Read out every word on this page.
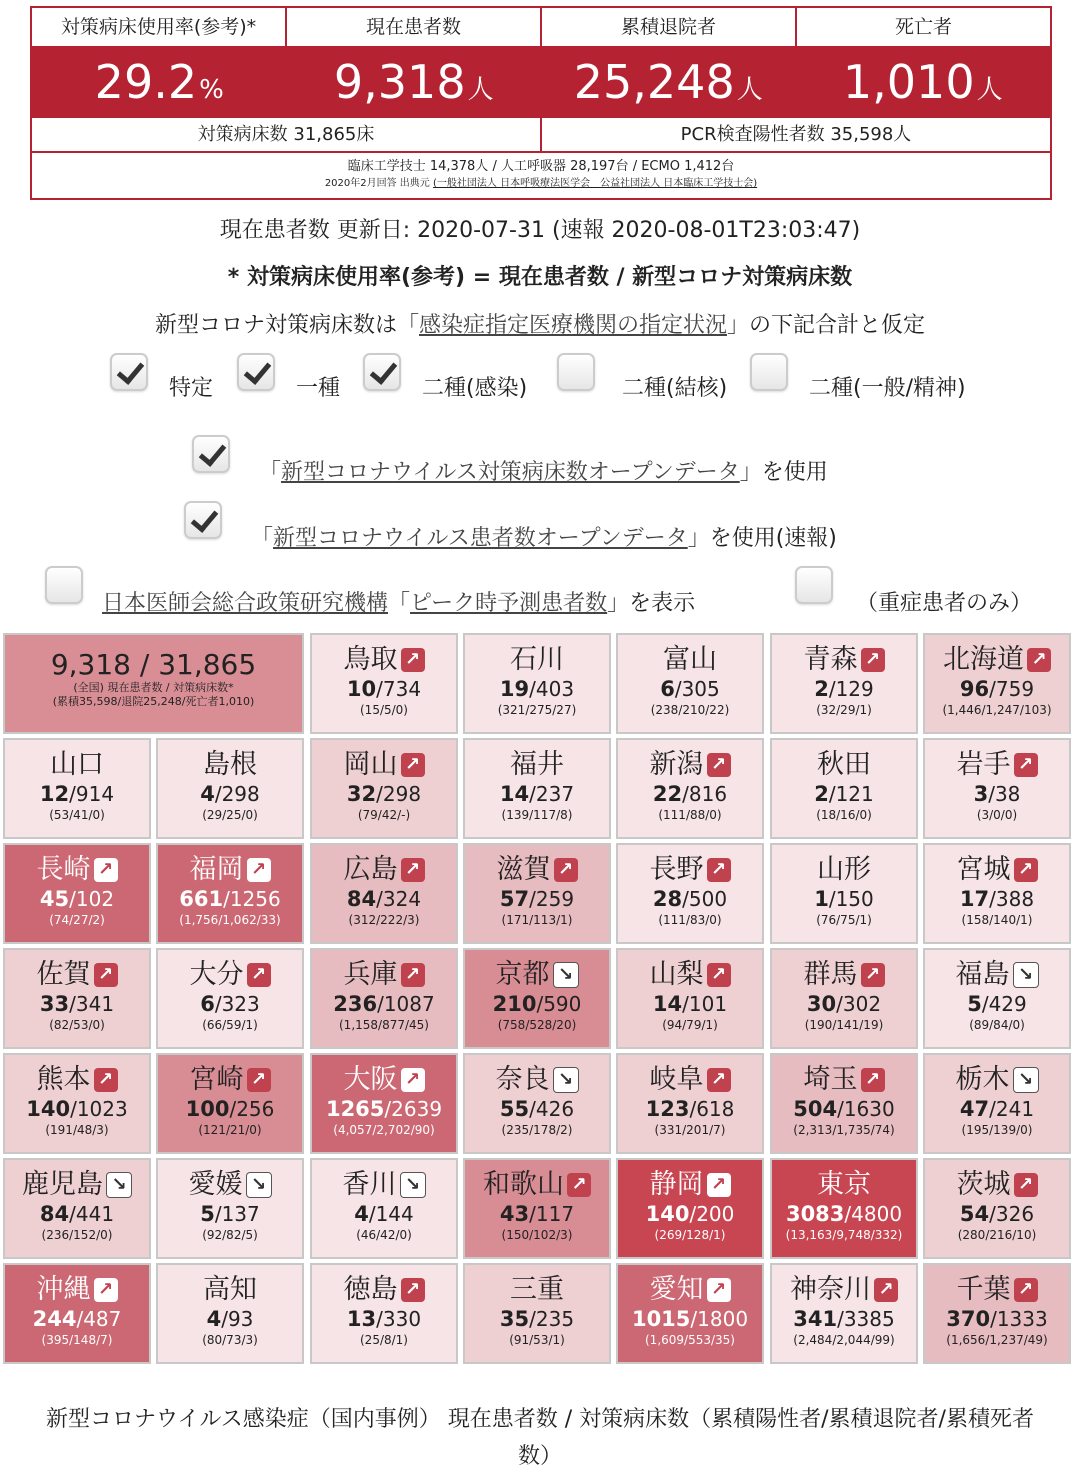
対策病床使用率(参考)*	現在患者数	累積退院者	死亡者
29.2%	9,318人	25,248人	1,010人
対策病床数 31,865床	PCR検査陽性者数 35,598人
臨床工学技士 14,378人 / 人工呼吸器 28,197台 / ECMO 1,412台
2020年2月回答 出典元 (一般社団法人 日本呼吸療法医学会　公益社団法人 日本臨床工学技士会)
現在患者数 更新日: 2020-07-31 (速報 2020-08-01T23:03:47)
* 対策病床使用率(参考) = 現在患者数 / 新型コロナ対策病床数
新型コロナ対策病床数は「感染症指定医療機関の指定状況」の下記合計と仮定
特定	一種	二種(感染)	二種(結核)	二種(一般/精神)
「新型コロナウイルス対策病床数オープンデータ」を使用
「新型コロナウイルス患者数オープンデータ」を使用(速報)
日本医師会総合政策研究機構「ピーク時予測患者数」を表示	（重症患者のみ）
9,318 / 31,865
(全国) 現在患者数 / 対策病床数*
(累積35,598/退院25,248/死亡者1,010)
鳥取 ↗
10/734
(15/5/0)
石川
19/403
(321/275/27)
富山
6/305
(238/210/22)
青森 ↗
2/129
(32/29/1)
北海道 ↗
96/759
(1,446/1,247/103)
山口
12/914
(53/41/0)
島根
4/298
(29/25/0)
岡山 ↗
32/298
(79/42/-)
福井
14/237
(139/117/8)
新潟 ↗
22/816
(111/88/0)
秋田
2/121
(18/16/0)
岩手 ↗
3/38
(3/0/0)
長崎 ↗
45/102
(74/27/2)
福岡 ↗
661/1256
(1,756/1,062/33)
広島 ↗
84/324
(312/222/3)
滋賀 ↗
57/259
(171/113/1)
長野 ↗
28/500
(111/83/0)
山形
1/150
(76/75/1)
宮城 ↗
17/388
(158/140/1)
佐賀 ↗
33/341
(82/53/0)
大分 ↗
6/323
(66/59/1)
兵庫 ↗
236/1087
(1,158/877/45)
京都 ↘
210/590
(758/528/20)
山梨 ↗
14/101
(94/79/1)
群馬 ↗
30/302
(190/141/19)
福島 ↘
5/429
(89/84/0)
熊本 ↗
140/1023
(191/48/3)
宮崎 ↗
100/256
(121/21/0)
大阪 ↗
1265/2639
(4,057/2,702/90)
奈良 ↘
55/426
(235/178/2)
岐阜 ↗
123/618
(331/201/7)
埼玉 ↗
504/1630
(2,313/1,735/74)
栃木 ↘
47/241
(195/139/0)
鹿児島 ↘
84/441
(236/152/0)
愛媛 ↘
5/137
(92/82/5)
香川 ↘
4/144
(46/42/0)
和歌山 ↗
43/117
(150/102/3)
静岡 ↗
140/200
(269/128/1)
東京
3083/4800
(13,163/9,748/332)
茨城 ↗
54/326
(280/216/10)
沖縄 ↗
244/487
(395/148/7)
高知
4/93
(80/73/3)
徳島 ↗
13/330
(25/8/1)
三重
35/235
(91/53/1)
愛知 ↗
1015/1800
(1,609/553/35)
神奈川 ↗
341/3385
(2,484/2,044/99)
千葉 ↗
370/1333
(1,656/1,237/49)
新型コロナウイルス感染症（国内事例） 現在患者数 / 対策病床数（累積陽性者/累積退院者/累積死者数）
